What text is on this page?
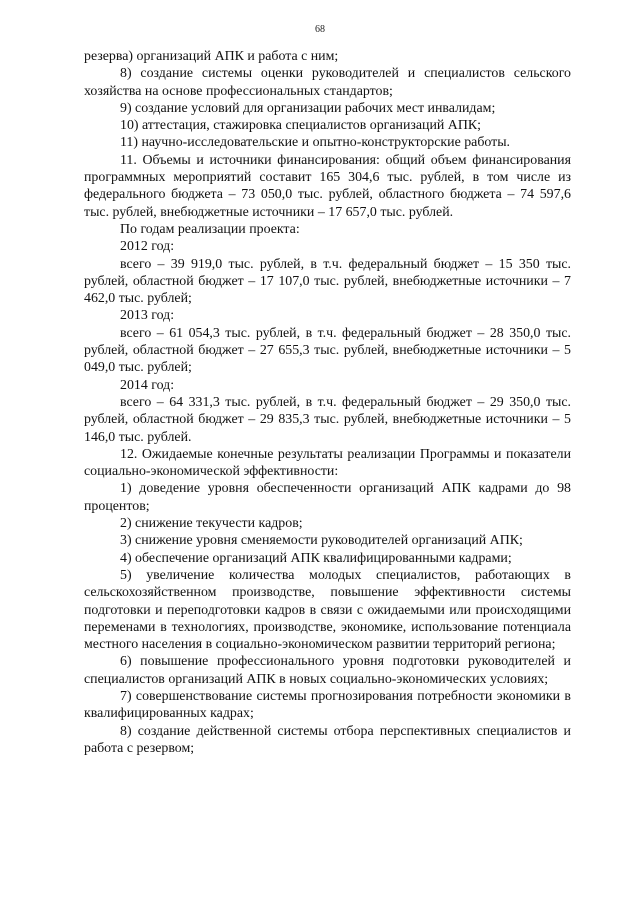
68

резерва) организаций АПК и работа с ним;

8) создание системы оценки руководителей и специалистов сельского хозяйства на основе профессиональных стандартов;

9) создание условий для организации рабочих мест инвалидам;

10) аттестация, стажировка специалистов организаций АПК;

11) научно-исследовательские и опытно-конструкторские работы.

11. Объемы и источники финансирования: общий объем финансирования программных мероприятий составит 165 304,6 тыс. рублей, в том числе из федерального бюджета – 73 050,0 тыс. рублей, областного бюджета – 74 597,6 тыс. рублей, внебюджетные источники – 17 657,0 тыс. рублей.

По годам реализации проекта:

2012 год:

всего – 39 919,0 тыс. рублей, в т.ч. федеральный бюджет – 15 350 тыс. рублей, областной бюджет – 17 107,0 тыс. рублей, внебюджетные источники – 7 462,0 тыс. рублей;

2013 год:

всего – 61 054,3 тыс. рублей, в т.ч. федеральный бюджет – 28 350,0 тыс. рублей, областной бюджет – 27 655,3 тыс. рублей, внебюджетные источники – 5 049,0 тыс. рублей;

2014 год:

всего – 64 331,3 тыс. рублей, в т.ч. федеральный бюджет – 29 350,0 тыс. рублей, областной бюджет – 29 835,3 тыс. рублей, внебюджетные источники – 5 146,0 тыс. рублей.

12. Ожидаемые конечные результаты реализации Программы и показатели социально-экономической эффективности:

1) доведение уровня обеспеченности организаций АПК кадрами до 98 процентов;

2) снижение текучести кадров;

3) снижение уровня сменяемости руководителей организаций АПК;

4) обеспечение организаций АПК квалифицированными кадрами;

5) увеличение количества молодых специалистов, работающих в сельскохозяйственном производстве, повышение эффективности системы подготовки и переподготовки кадров в связи с ожидаемыми или происходящими переменами в технологиях, производстве, экономике, использование потенциала местного населения в социально-экономическом развитии территорий региона;

6) повышение профессионального уровня подготовки руководителей и специалистов организаций АПК в новых социально-экономических условиях;

7) совершенствование системы прогнозирования потребности экономики в квалифицированных кадрах;

8) создание действенной системы отбора перспективных специалистов и работа с резервом;
